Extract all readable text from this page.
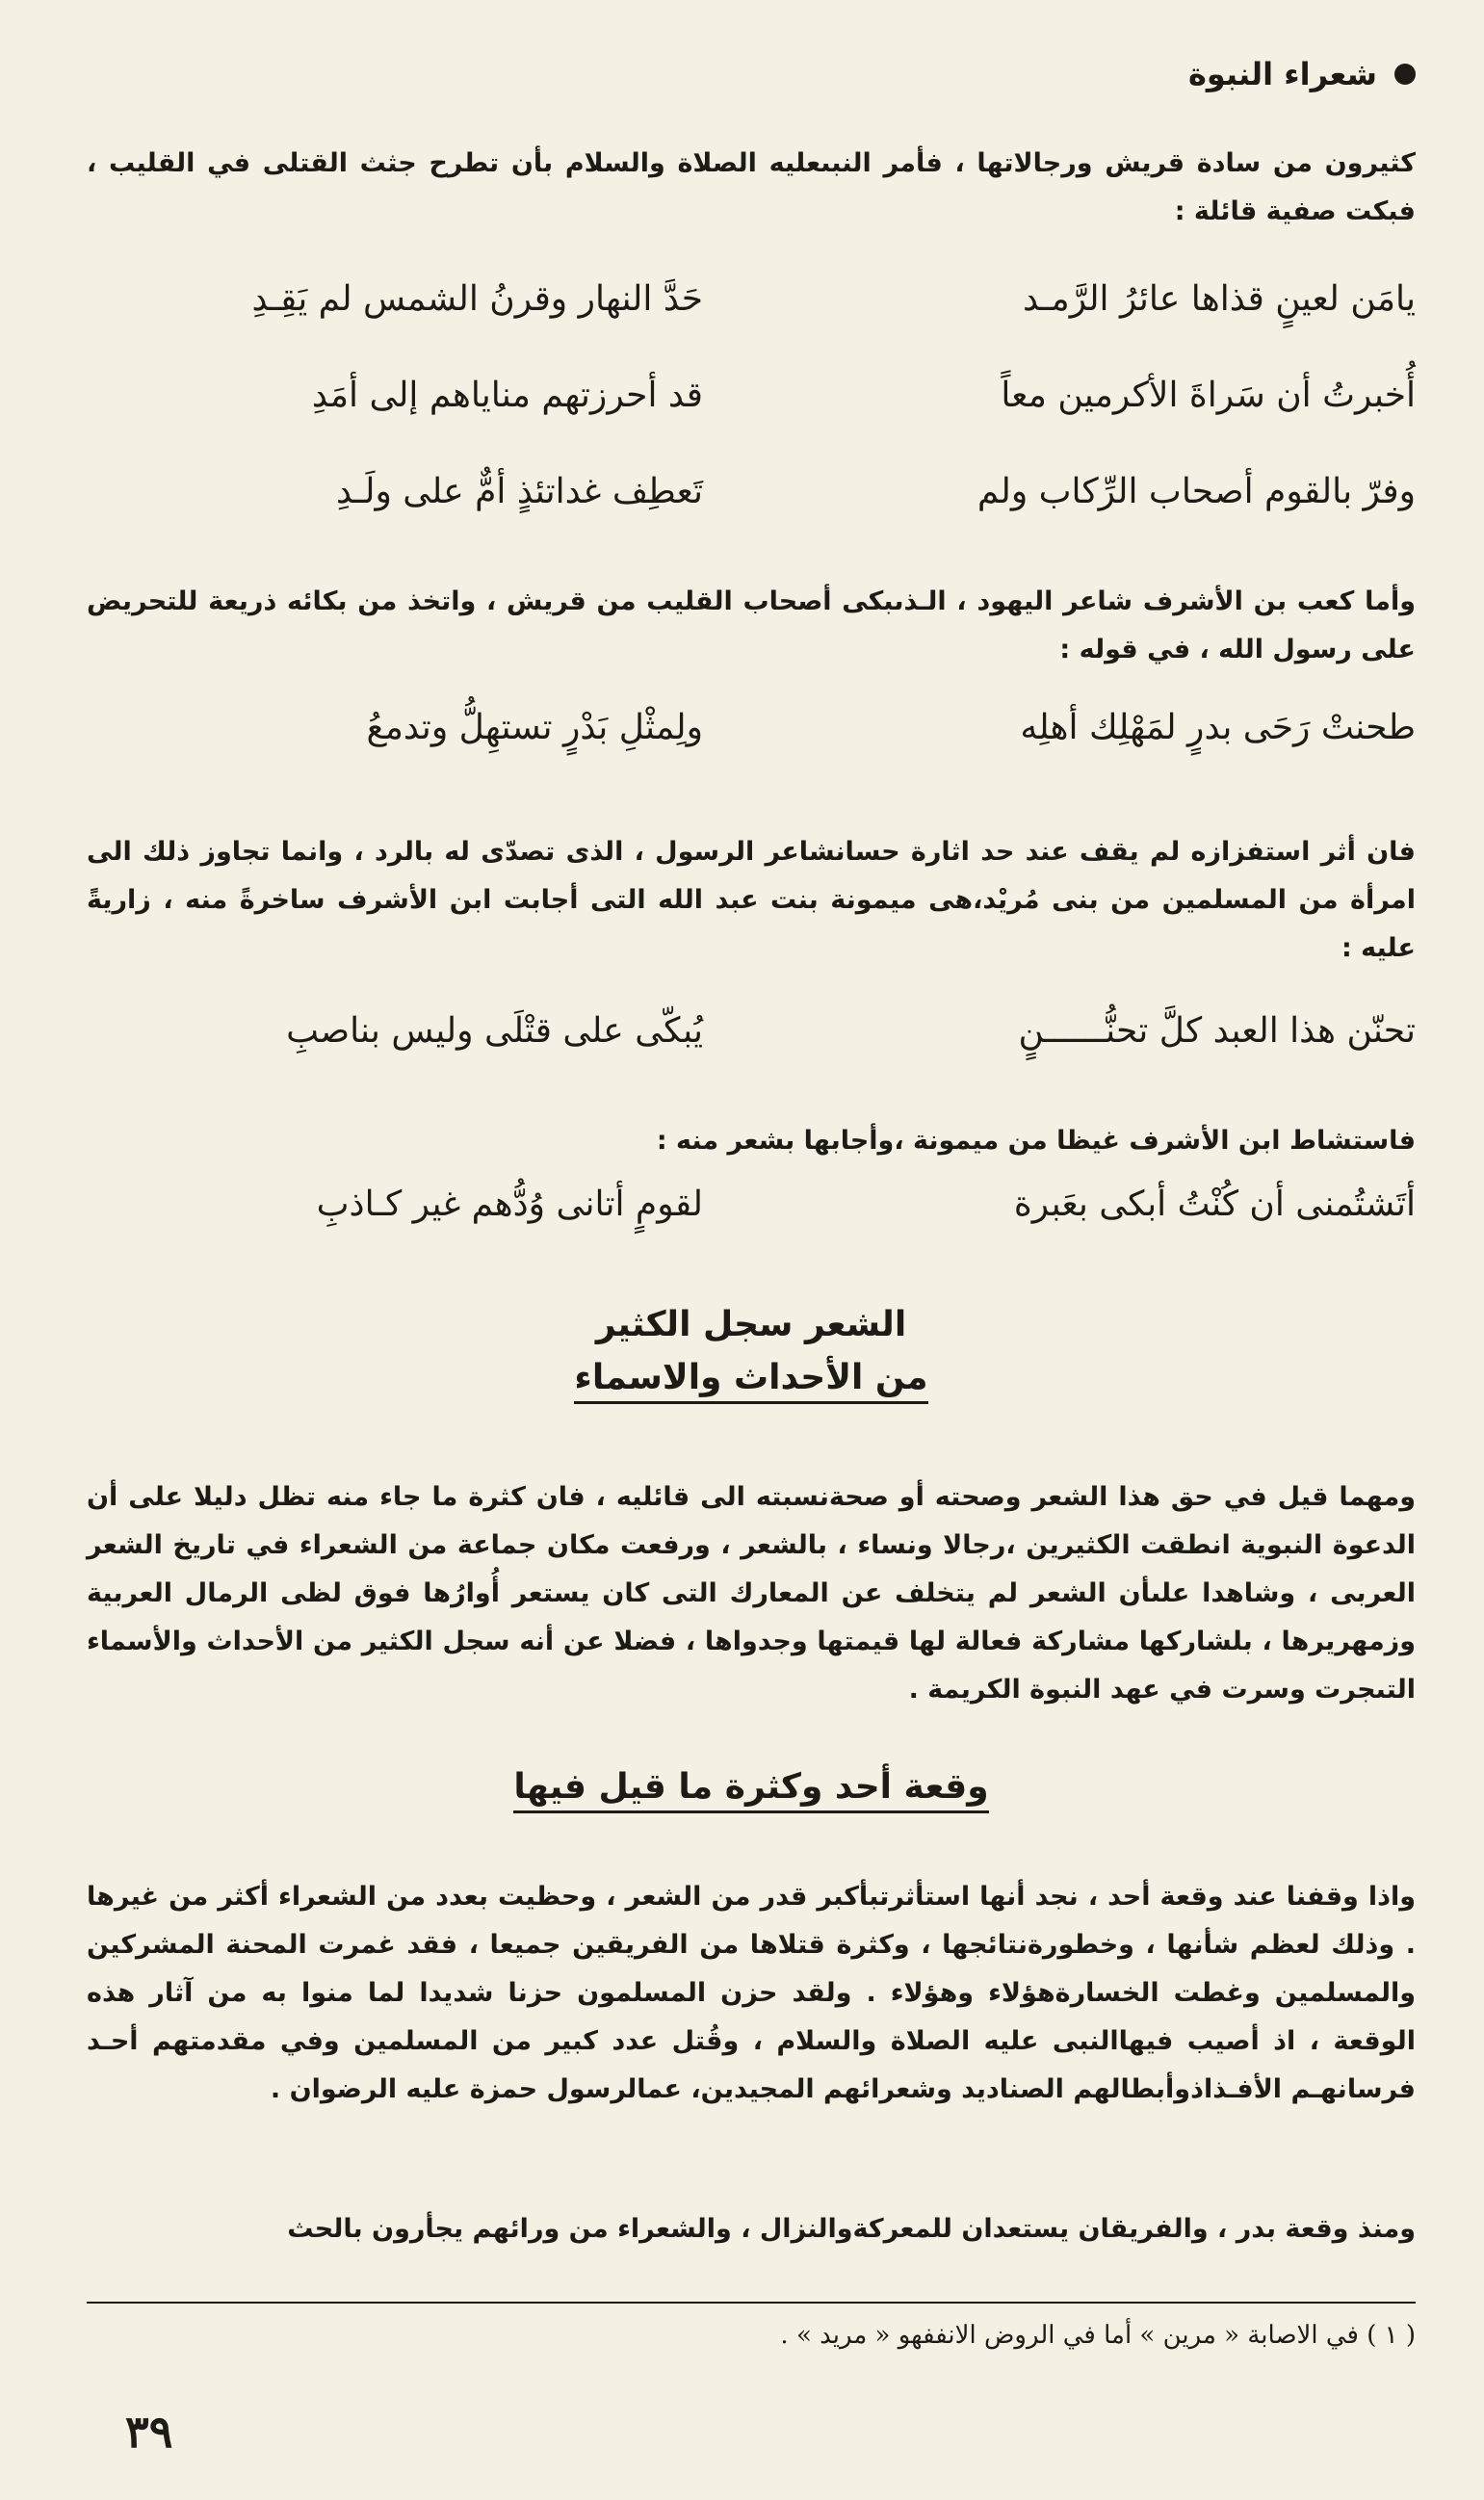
شعراء النبوة

كثيرون من سادة قريش ورجالاتها ، فأمر النبىعليه الصلاة والسلام بأن تطرح جثث القتلى في القليب ، فبكت صفية قائلة :

يامَن لعينٍ قذاها عائرُ الرَّمـد
حَدَّ النهار وقرنُ الشمس لم يَقِـدِ
أُخبرتُ أن سَراةَ الأكرمين معاً
قد أحرزتهم مناياهم إلى أمَدِ
وفرّ بالقوم أصحاب الرِّكاب ولم
تَعطِف غداتئذٍ أمٌّ على ولَـدِ

وأما كعب بن الأشرف شاعر اليهود ، الـذىبكى أصحاب القليب من قريش ، واتخذ من بكائه ذريعة للتحريض على رسول الله ، في قوله :

طحنتْ رَحَى بدرٍ لمَهْلِك أهلِه
ولِمثْلِ بَدْرٍ تستهِلُّ وتدمعُ

فان أثر استفزازه لم يقف عند حد اثارة حسانشاعر الرسول ، الذى تصدّى له بالرد ، وانما تجاوز ذلك الى امرأة من المسلمين من بنى مُريْد،هى ميمونة بنت عبد الله التى أجابت ابن الأشرف ساخرةً منه ، زاريةً عليه :

تحنّن هذا العبد كلَّ تحنُّــــــنٍ
يُبكّى على قتْلَى وليس بناصبِ

فاستشاط ابن الأشرف غيظا من ميمونة ،وأجابها بشعر منه :

أتَشتُمنى أن كُنْتُ أبكى بعَبرة
لقومٍ أتانى وُدُّهم غير كـاذبِ
الشعر سجل الكثير
من الأحداث والاسماء

ومهما قيل في حق هذا الشعر وصحته أو صحةنسبته الى قائليه ، فان كثرة ما جاء منه تظل دليلا على أن الدعوة النبوية انطقت الكثيرين ،رجالا ونساء ، بالشعر ، ورفعت مكان جماعة من الشعراء في تاريخ الشعر العربى ، وشاهدا علىأن الشعر لم يتخلف عن المعارك التى كان يستعر أُوارُها فوق لظى الرمال العربية وزمهريرها ، بلشاركها مشاركة فعالة لها قيمتها وجدواها ، فضلا عن أنه سجل الكثير من الأحداث والأسماء التىجرت وسرت في عهد النبوة الكريمة .

وقعة أحد وكثرة ما قيل فيها

واذا وقفنا عند وقعة أحد ، نجد أنها استأثرتبأكبر قدر من الشعر ، وحظيت بعدد من الشعراء أكثر من غيرها . وذلك لعظم شأنها ، وخطورةنتائجها ، وكثرة قتلاها من الفريقين جميعا ، فقد غمرت المحنة المشركين والمسلمين وغطت الخسارةهؤلاء وهؤلاء . ولقد حزن المسلمون حزنا شديدا لما منوا به من آثار هذه الوقعة ، اذ أصيب فيهاالنبى عليه الصلاة والسلام ، وقُتل عدد كبير من المسلمين وفي مقدمتهم أحـد فرسانهـم الأفـذاذوأبطالهم الصناديد وشعرائهم المجيدين، عمالرسول حمزة عليه الرضوان .

ومنذ وقعة بدر ، والفريقان يستعدان للمعركةوالنزال ، والشعراء من ورائهم يجأرون بالحث

( ١ ) في الاصابة « مرين » أما في الروض الانففهو « مريد » .
٣٩
